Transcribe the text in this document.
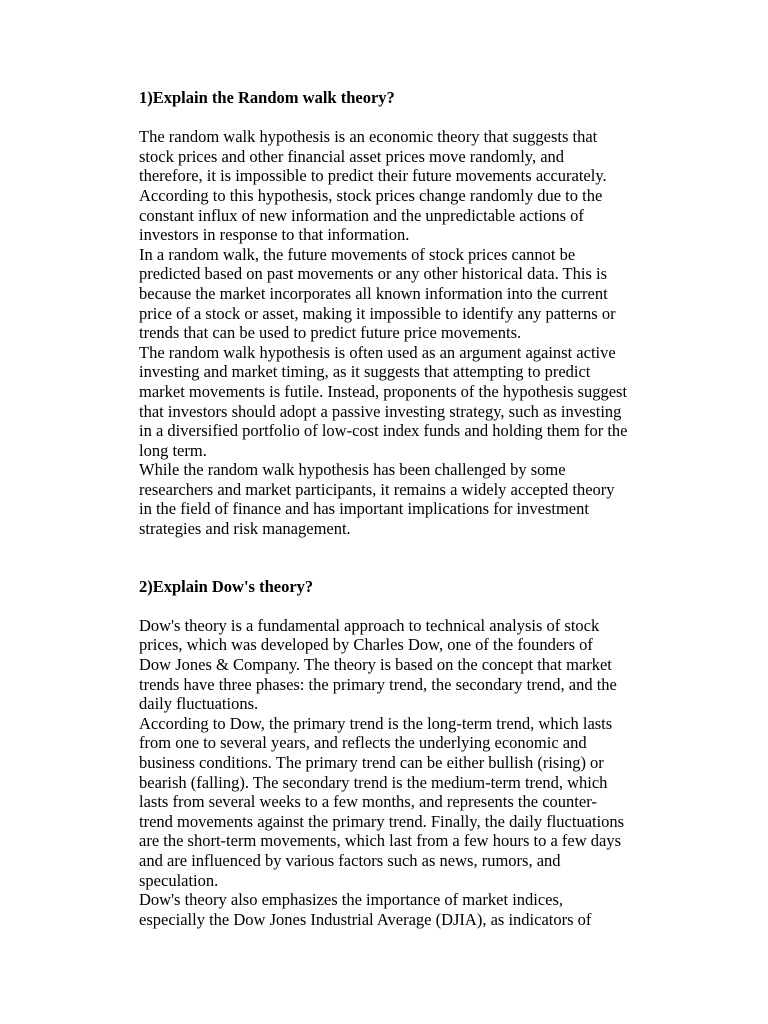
1)Explain the Random walk theory?

The random walk hypothesis is an economic theory that suggests that
stock prices and other financial asset prices move randomly, and
therefore, it is impossible to predict their future movements accurately.
According to this hypothesis, stock prices change randomly due to the
constant influx of new information and the unpredictable actions of
investors in response to that information.

In a random walk, the future movements of stock prices cannot be
predicted based on past movements or any other historical data. This is
because the market incorporates all known information into the current
price of a stock or asset, making it impossible to identify any patterns or
trends that can be used to predict future price movements.

The random walk hypothesis is often used as an argument against active
investing and market timing, as it suggests that attempting to predict
market movements is futile. Instead, proponents of the hypothesis suggest
that investors should adopt a passive investing strategy, such as investing
in a diversified portfolio of low-cost index funds and holding them for the
long term.

While the random walk hypothesis has been challenged by some
researchers and market participants, it remains a widely accepted theory
in the field of finance and has important implications for investment
strategies and risk management.

2)Explain Dow's theory?

Dow's theory is a fundamental approach to technical analysis of stock
prices, which was developed by Charles Dow, one of the founders of
Dow Jones & Company. The theory is based on the concept that market
trends have three phases: the primary trend, the secondary trend, and the
daily fluctuations.

According to Dow, the primary trend is the long-term trend, which lasts
from one to several years, and reflects the underlying economic and
business conditions. The primary trend can be either bullish (rising) or
bearish (falling). The secondary trend is the medium-term trend, which
lasts from several weeks to a few months, and represents the counter-
trend movements against the primary trend. Finally, the daily fluctuations
are the short-term movements, which last from a few hours to a few days
and are influenced by various factors such as news, rumors, and
speculation.

Dow's theory also emphasizes the importance of market indices,
especially the Dow Jones Industrial Average (DJIA), as indicators of
